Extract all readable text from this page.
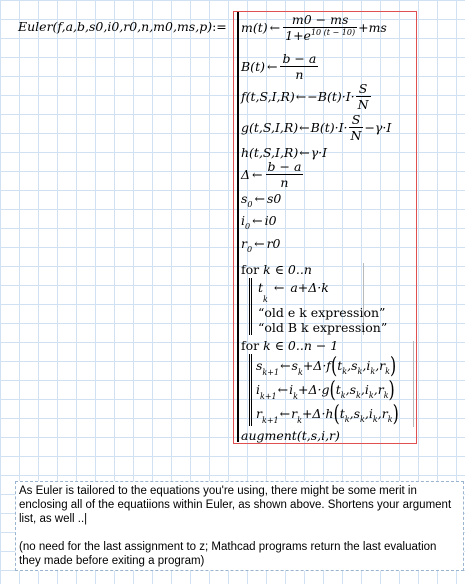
Euler(f,a,b,s0,i0,r0,n,m0,ms,p):= m(t) ← $\frac{m0 - ms}{1+e^{10 (t - 10)}} +ms$
B(t) ← $\frac{b - a}{n}$
f(t,S,I,R) ← $-B(t)\cdot I\cdot \frac{S}{N}$
g(t,S,I,R) ← $B(t)\cdot I\cdot \frac{S}{N} -\gamma\cdot I$
h(t,S,I,R) ← γ·I
Δ ← $\frac{b - a}{n}$
$s_0$ ← s0
$i_0$ ← i0
$r_0$ ← r0
for k ∈ 0..n
$t_k$ ← a+Δ·k
“old e k expression”
“old B k expression”
for k ∈ 0..n − 1
$s_{k+1}$ ← $s_k +\Delta\cdot f$ ( $t_k$ , $s_k$ , $i_k$ , $r_k$ )
$i_{k+1}$ ← $i_k +\Delta\cdot g$ ( $t_k$ , $s_k$ , $i_k$ , $r_k$ )
$r_{k+1}$ ← $r_k +\Delta\cdot h$ ( $t_k$ , $s_k$ , $i_k$ , $r_k$ )
augment(t,s,i,r)

As Euler is tailored to the equations you're using, there might be some merit in enclosing all of the equatiions within Euler, as shown above. Shortens your argument list, as well ..|

(no need for the last assignment to z; Mathcad programs return the last evaluation they made before exiting a program)
